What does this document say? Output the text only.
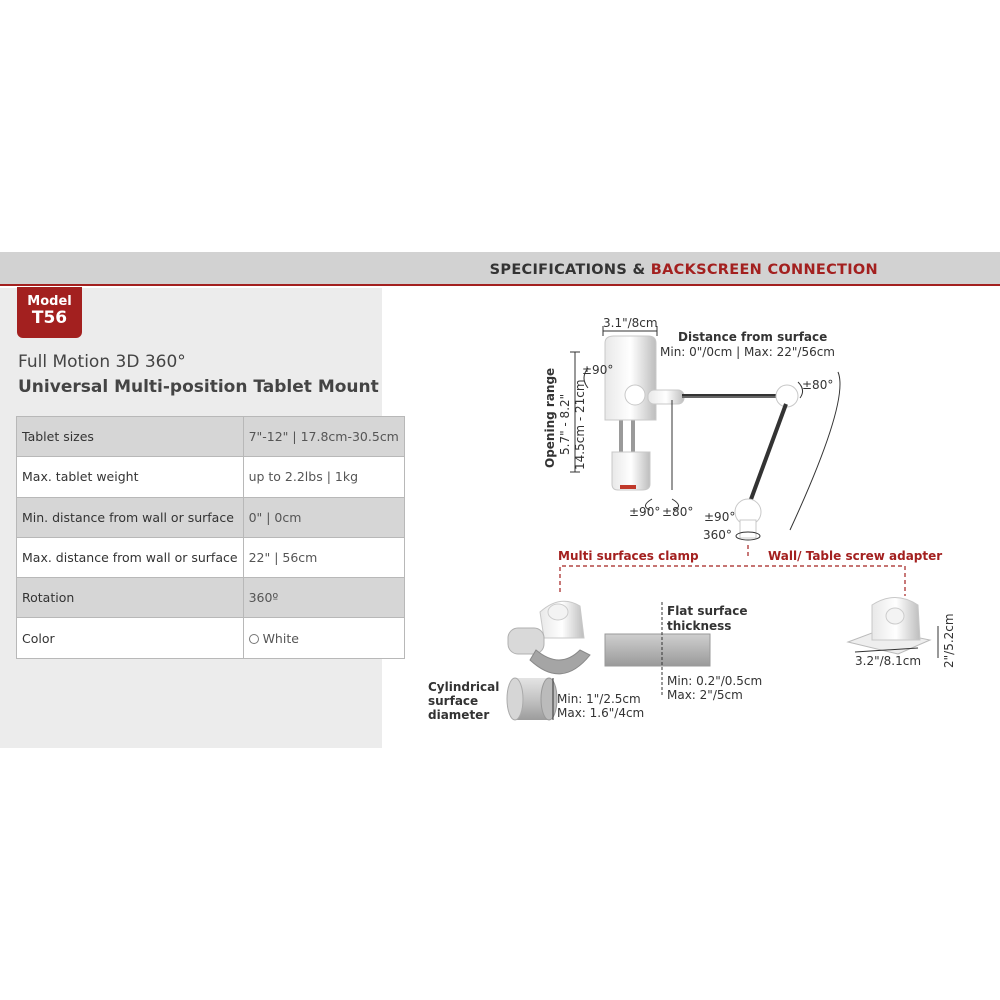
SPECIFICATIONS & BACKSCREEN CONNECTION
Model
T56
Full Motion 3D 360°
Universal Multi-position Tablet Mount
Tablet sizes	7"-12" | 17.8cm-30.5cm
Max. tablet weight	up to 2.2lbs | 1kg
Min. distance from wall or surface	0" | 0cm
Max. distance from wall or surface	22" | 56cm
Rotation	360º
Color	White
3.1"/8cm
Distance from surface
Min: 0"/0cm | Max: 22"/56cm
Opening range 5.7" - 8.2" 14.5cm - 21cm
±90°
±80°
±90° ±80° ±90°
360°
Multi surfaces clamp	Wall/ Table screw adapter
Flat surface
thickness
Min: 0.2"/0.5cm
Max: 2"/5cm
Cylindrical
surface
diameter
Min: 1"/2.5cm
Max: 1.6"/4cm
3.2"/8.1cm 2"/5.2cm
